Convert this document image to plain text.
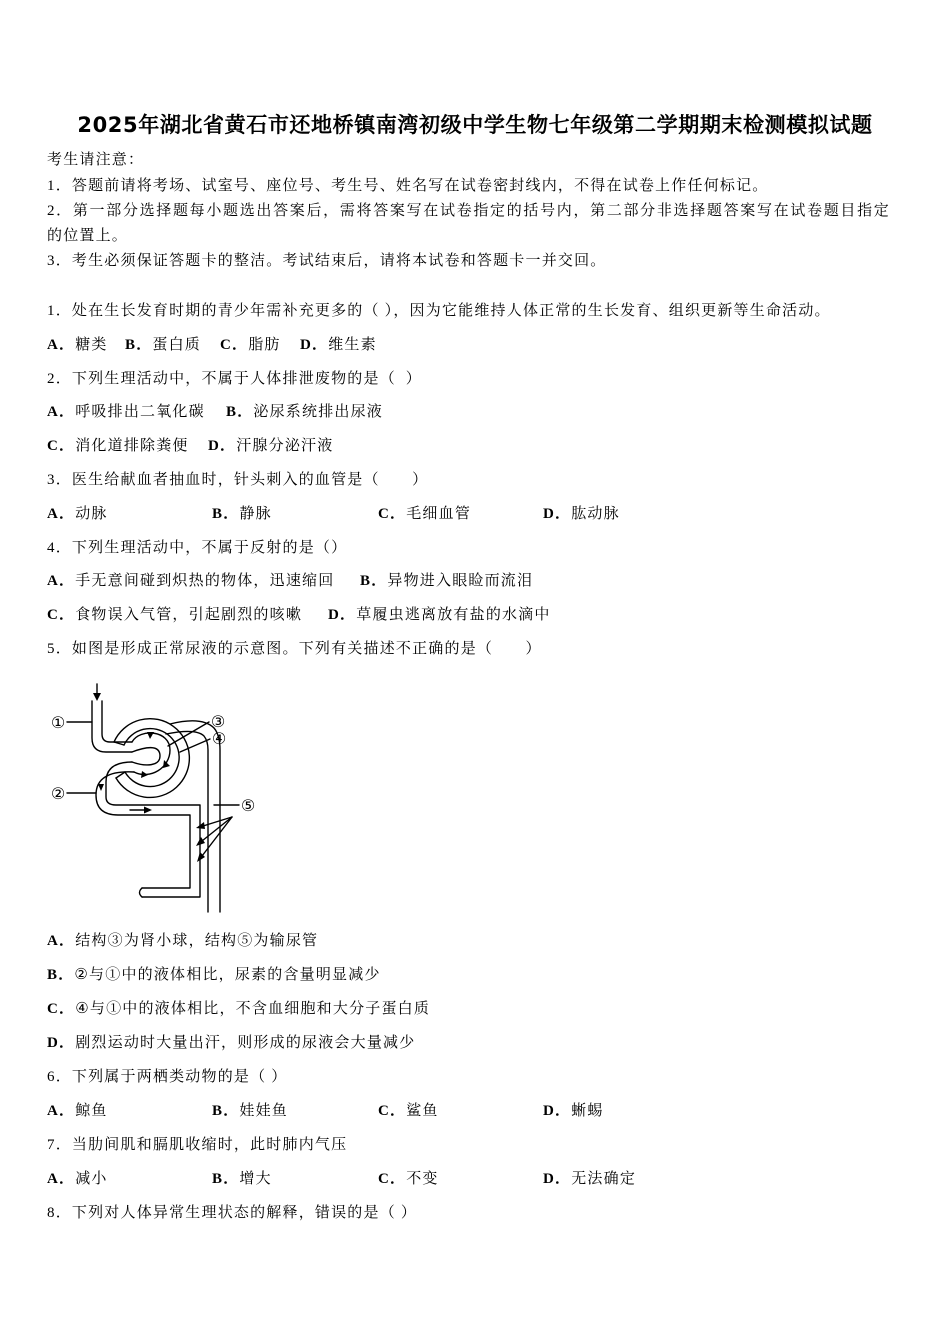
2025年湖北省黄石市还地桥镇南湾初级中学生物七年级第二学期期末检测模拟试题
考生请注意：
1．答题前请将考场、试室号、座位号、考生号、姓名写在试卷密封线内，不得在试卷上作任何标记。
2．第一部分选择题每小题选出答案后，需将答案写在试卷指定的括号内，第二部分非选择题答案写在试卷题目指定
的位置上。
3．考生必须保证答题卡的整洁。考试结束后，请将本试卷和答题卡一并交回。
1．处在生长发育时期的青少年需补充更多的（ ），因为它能维持人体正常的生长发育、组织更新等生命活动。
A．糖类 B．蛋白质 C．脂肪 D．维生素
2．下列生理活动中，不属于人体排泄废物的是（  ）
A．呼吸排出二氧化碳 B．泌尿系统排出尿液
C．消化道排除粪便 D．汗腺分泌汗液
3．医生给献血者抽血时，针头刺入的血管是（　　）
A．动脉	B．静脉	C．毛细血管	D．肱动脉
4．下列生理活动中，不属于反射的是（）
A．手无意间碰到炽热的物体，迅速缩回 B．异物进入眼睑而流泪
C．食物误入气管，引起剧烈的咳嗽 D．草履虫逃离放有盐的水滴中
5．如图是形成正常尿液的示意图。下列有关描述不正确的是（　　）
①
②
③
④
⑤
A．结构③为肾小球，结构⑤为输尿管
B．②与①中的液体相比，尿素的含量明显减少
C．④与①中的液体相比，不含血细胞和大分子蛋白质
D．剧烈运动时大量出汗，则形成的尿液会大量减少
6．下列属于两栖类动物的是（ ）
A．鲸鱼	B．娃娃鱼	C．鲨鱼	D．蜥蜴
7．当肋间肌和膈肌收缩时，此时肺内气压
A．减小	B．增大	C．不变	D．无法确定
8．下列对人体异常生理状态的解释，错误的是（ ）
